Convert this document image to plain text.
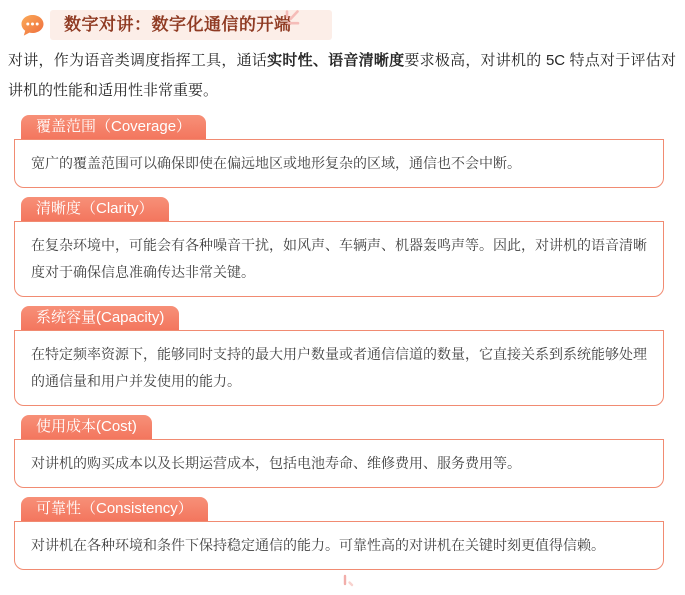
数字对讲：数字化通信的开端

对讲，作为语音类调度指挥工具，通话实时性、语音清晰度要求极高，对讲机的 5C 特点对于评估对讲机的性能和适用性非常重要。

覆盖范围（Coverage）
宽广的覆盖范围可以确保即使在偏远地区或地形复杂的区域，通信也不会中断。
清晰度（Clarity）
在复杂环境中，可能会有各种噪音干扰，如风声、车辆声、机器轰鸣声等。因此，对讲机的语音清晰度对于确保信息准确传达非常关键。
系统容量(Capacity)
在特定频率资源下，能够同时支持的最大用户数量或者通信信道的数量，它直接关系到系统能够处理的通信量和用户并发使用的能力。
使用成本(Cost)
对讲机的购买成本以及长期运营成本，包括电池寿命、维修费用、服务费用等。
可靠性（Consistency）
对讲机在各种环境和条件下保持稳定通信的能力。可靠性高的对讲机在关键时刻更值得信赖。
